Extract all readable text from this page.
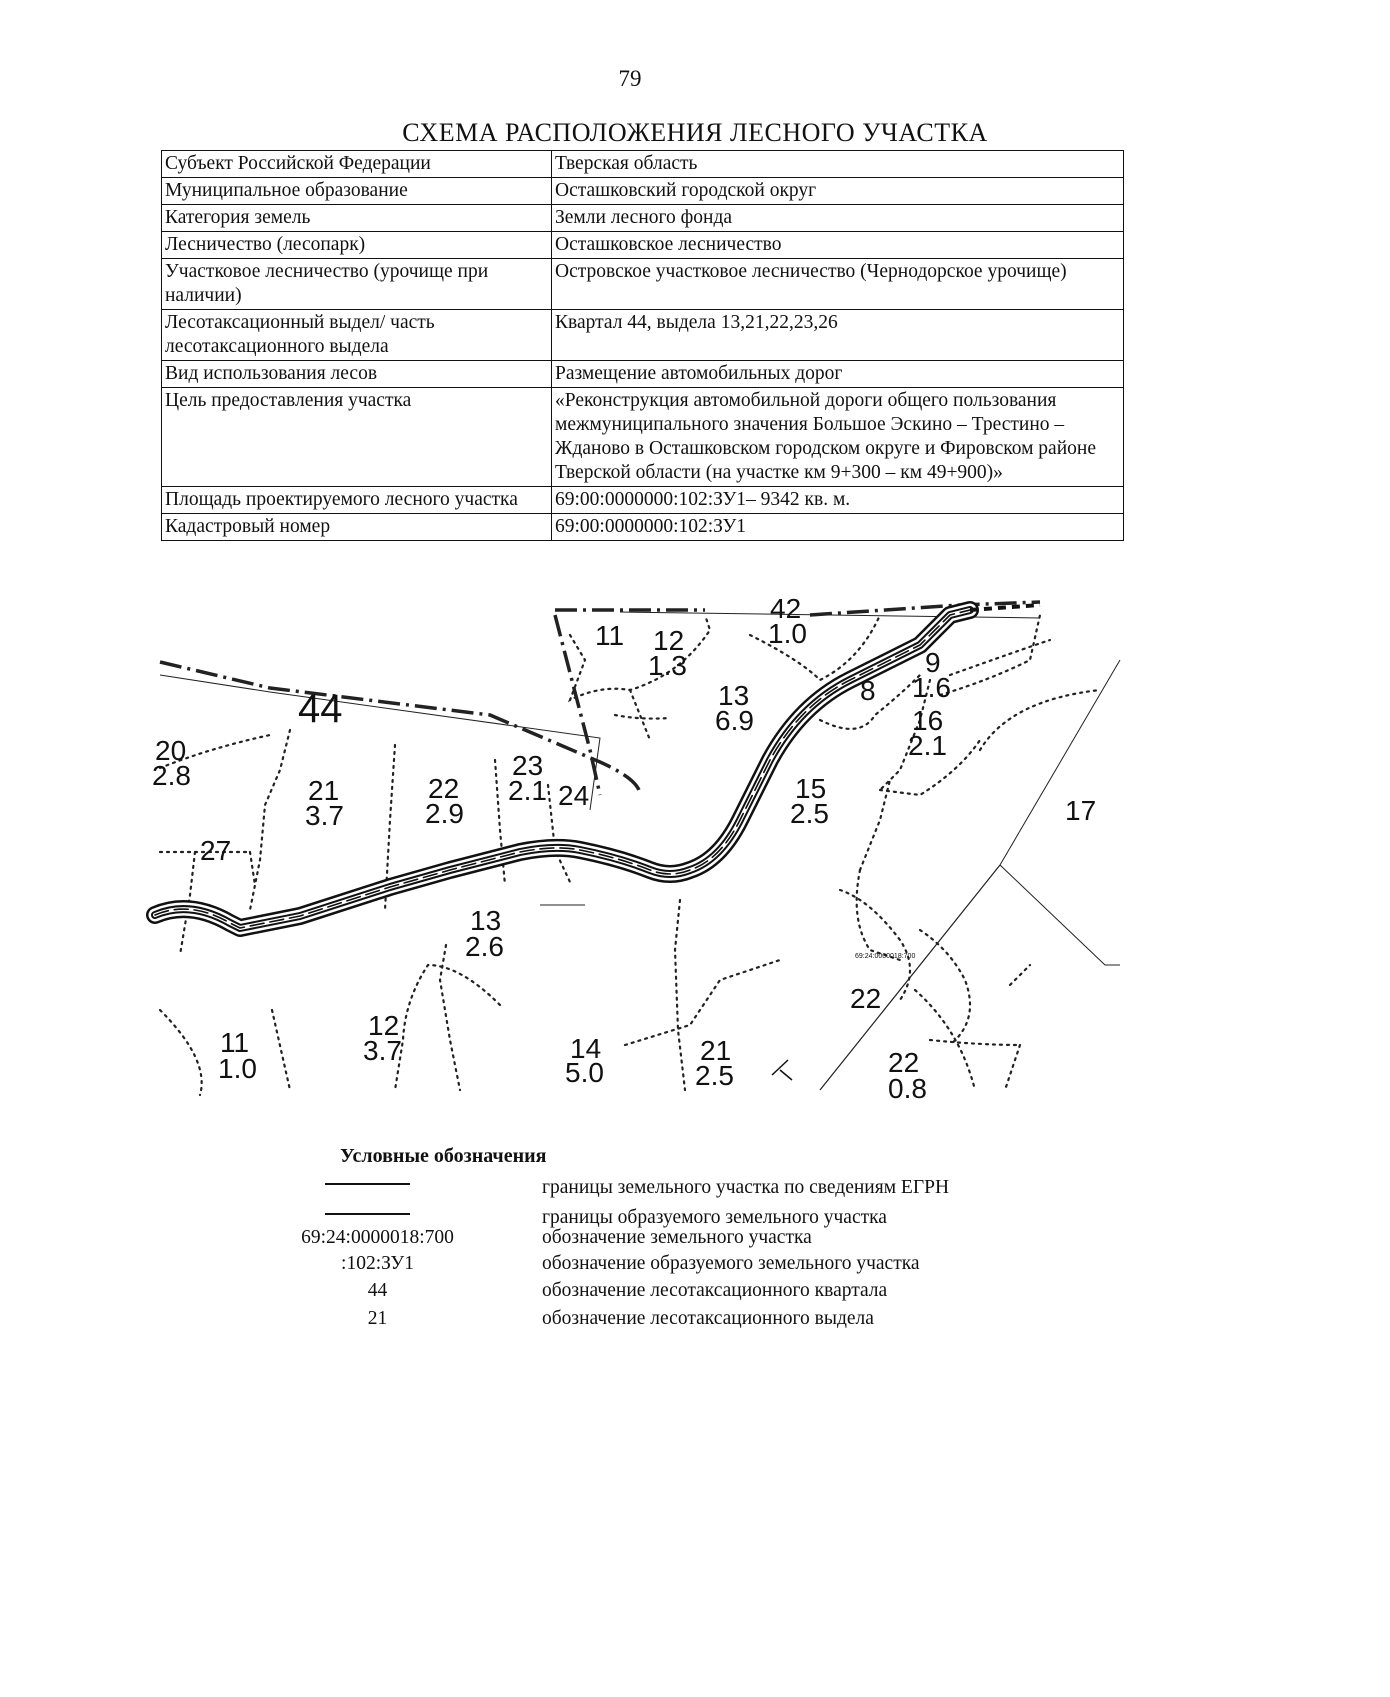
79
СХЕМА РАСПОЛОЖЕНИЯ ЛЕСНОГО УЧАСТКА
Субъект Российской Федерации	Тверская область
Муниципальное образование	Осташковский городской округ
Категория земель	Земли лесного фонда
Лесничество (лесопарк)	Осташковское лесничество
Участковое лесничество (урочище при наличии)	Островское участковое лесничество (Чернодорское урочище)
Лесотаксационный выдел/ часть лесотаксационного выдела	Квартал 44, выдела 13,21,22,23,26
Вид использования лесов	Размещение автомобильных дорог
Цель предоставления участка	«Реконструкция автомобильной дороги общего пользования межмуниципального значения Большое Эскино – Трестино – Жданово в Осташковском городском округе и Фировском районе Тверской области (на участке км 9+300 – км 49+900)»
Площадь проектируемого лесного участка	69:00:0000000:102:ЗУ1– 9342 кв. м.
Кадастровый номер	69:00:0000000:102:ЗУ1
44
11 12
1.3
42
1.0
9
1.6
8
13
6.9	16
2.1
20
2.8	21
3.7
22
2.9
23
2.1 24	15
2.5	17
27
13
2.6
12
3.7
11
1.0
14
5.0
21
2.5
22
22
0.8
69:24:0000018:700
Условные обозначения
границы земельного участка по сведениям ЕГРН
границы образуемого земельного участка
69:24:0000018:700	обозначение земельного участка
:102:ЗУ1	обозначение образуемого земельного участка
44	обозначение лесотаксационного квартала
21	обозначение лесотаксационного выдела
